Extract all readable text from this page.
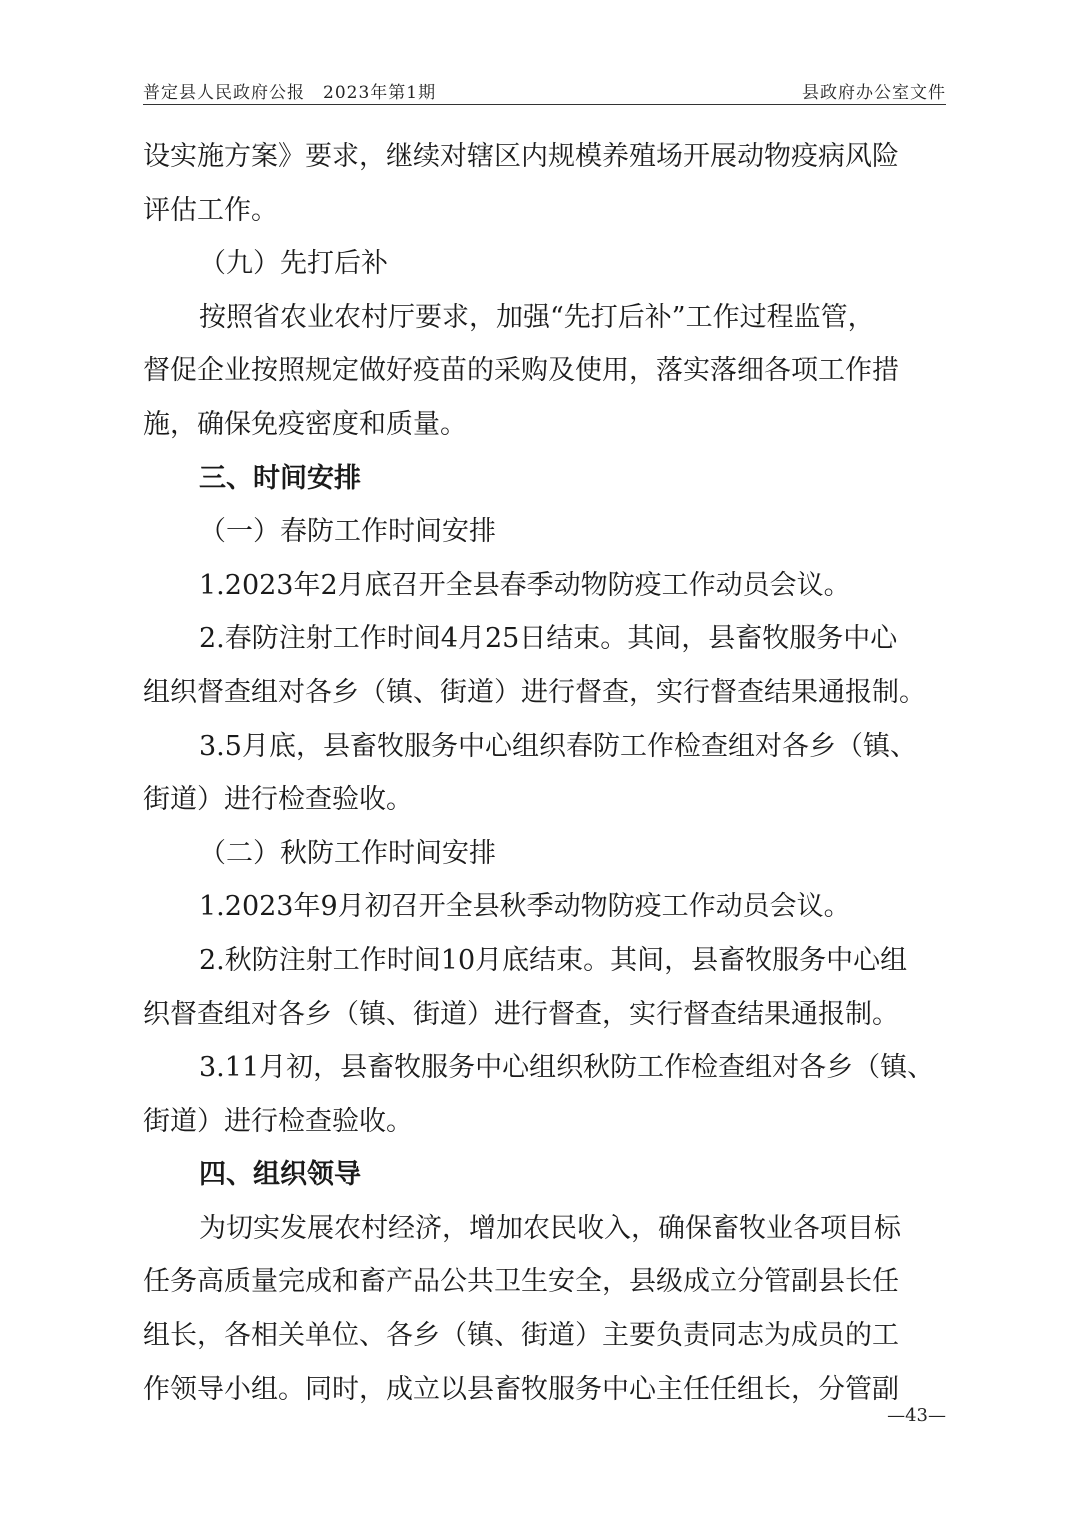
普定县人民政府公报　2023年第1期	县政府办公室文件

设实施方案》要求，继续对辖区内规模养殖场开展动物疫病风险

评估工作。

（九）先打后补

按照省农业农村厅要求，加强“先打后补”工作过程监管，

督促企业按照规定做好疫苗的采购及使用，落实落细各项工作措

施，确保免疫密度和质量。

三、时间安排

（一）春防工作时间安排

1.2023年2月底召开全县春季动物防疫工作动员会议。

2.春防注射工作时间4月25日结束。其间，县畜牧服务中心

组织督查组对各乡（镇、街道）进行督查，实行督查结果通报制。

3.5月底，县畜牧服务中心组织春防工作检查组对各乡（镇、

街道）进行检查验收。

（二）秋防工作时间安排

1.2023年9月初召开全县秋季动物防疫工作动员会议。

2.秋防注射工作时间10月底结束。其间，县畜牧服务中心组

织督查组对各乡（镇、街道）进行督查，实行督查结果通报制。

3.11月初，县畜牧服务中心组织秋防工作检查组对各乡（镇、

街道）进行检查验收。

四、组织领导

为切实发展农村经济，增加农民收入，确保畜牧业各项目标

任务高质量完成和畜产品公共卫生安全，县级成立分管副县长任

组长，各相关单位、各乡（镇、街道）主要负责同志为成员的工

作领导小组。同时，成立以县畜牧服务中心主任任组长，分管副

—43—
